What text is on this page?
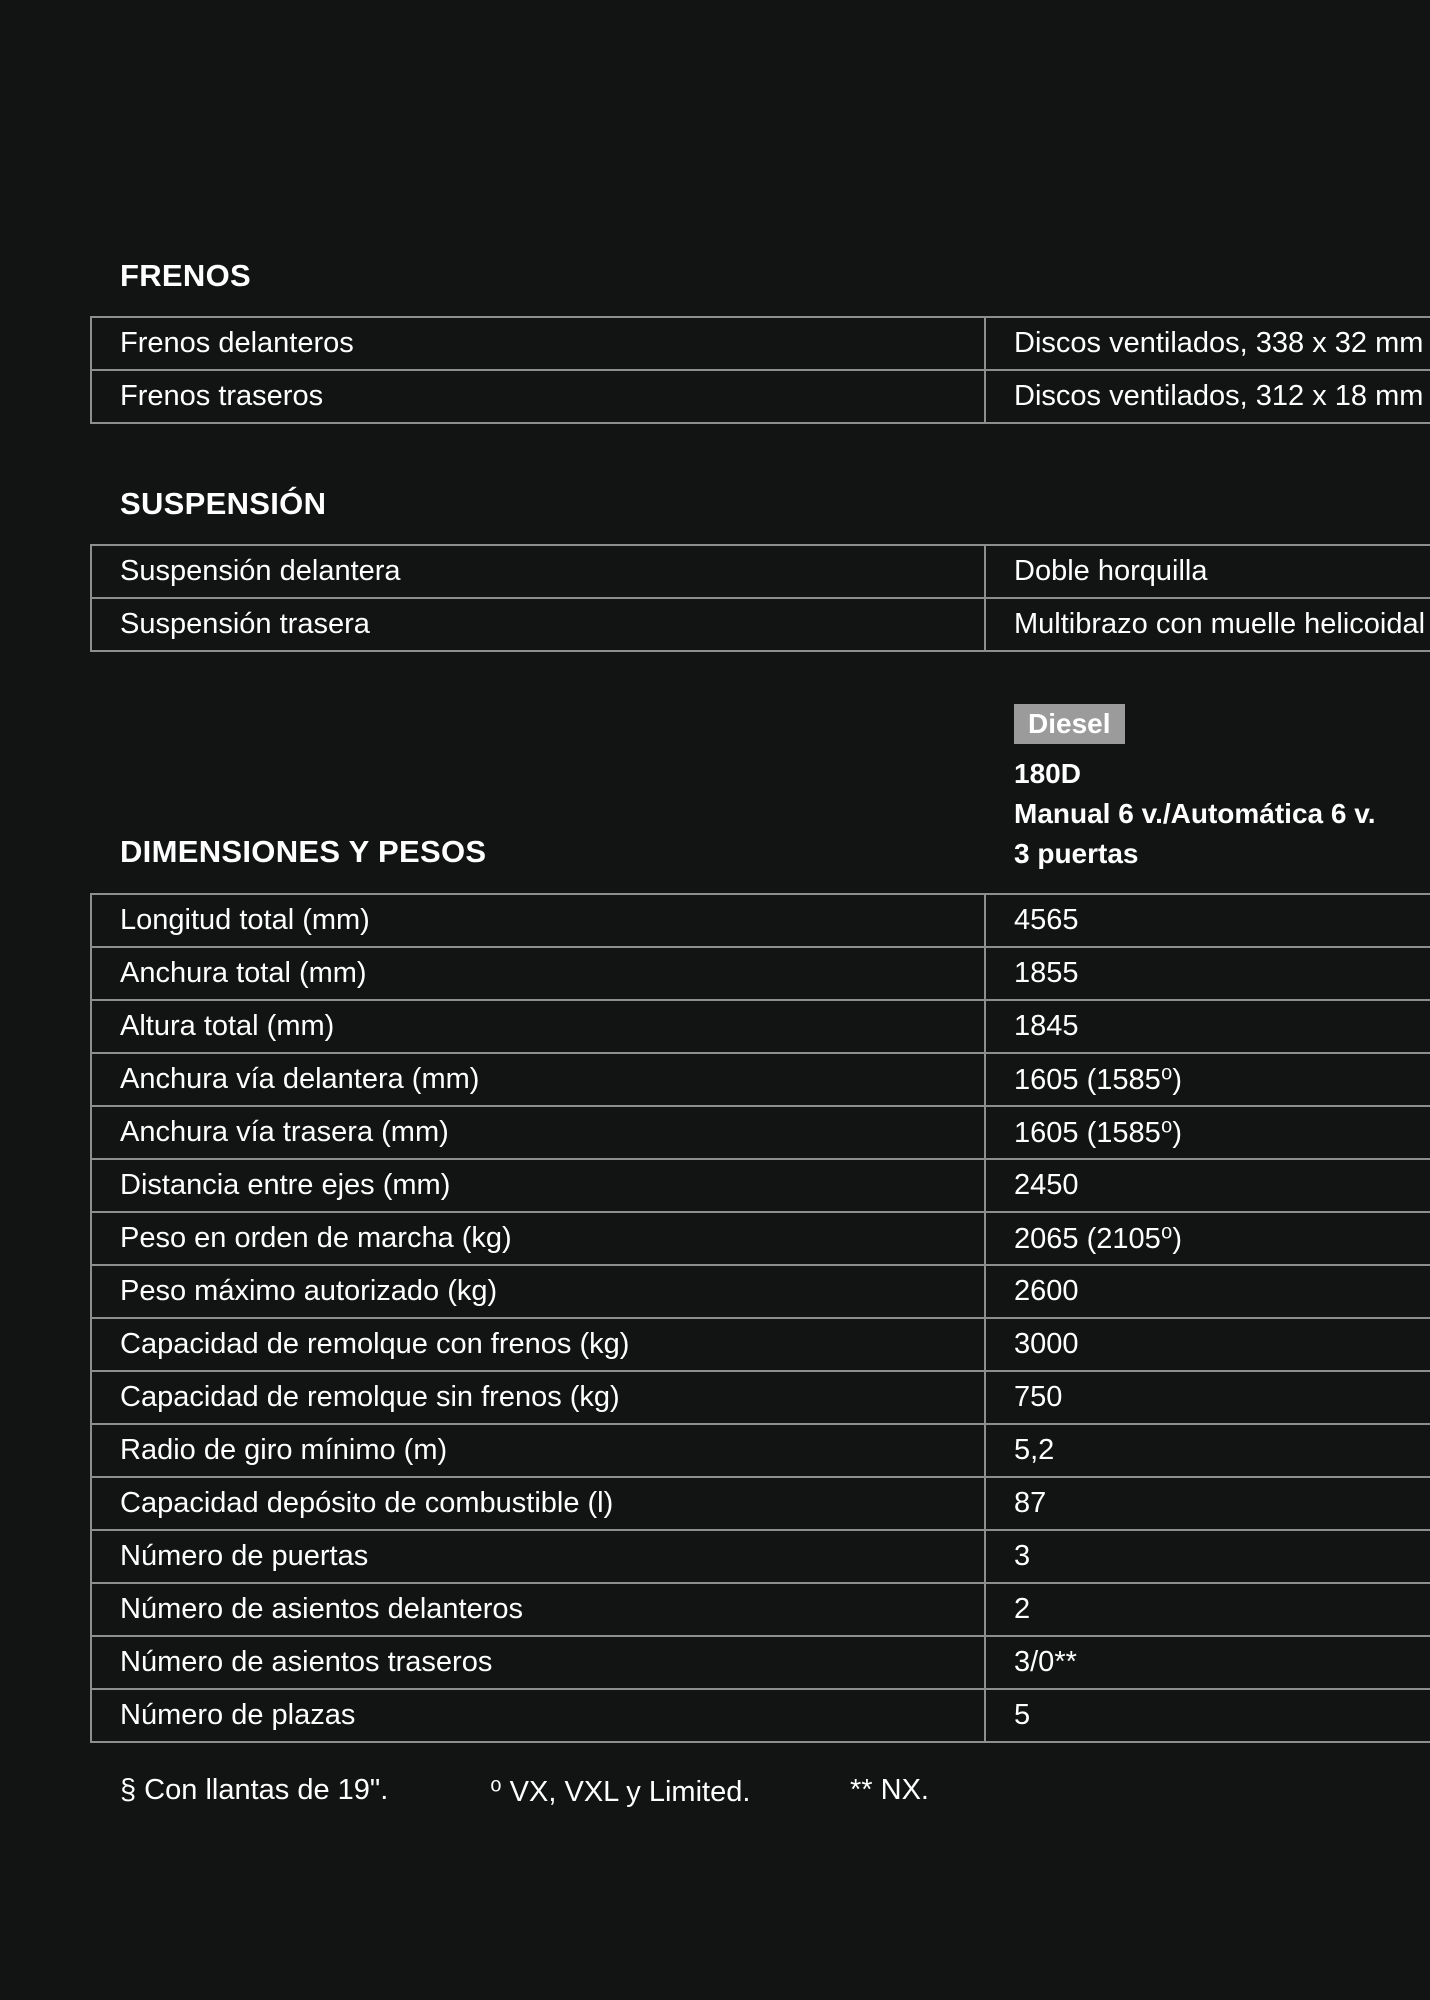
FRENOS
Frenos delanteros	Discos ventilados, 338 x 32 mm
Frenos traseros	Discos ventilados, 312 x 18 mm
SUSPENSIÓN
Suspensión delantera	Doble horquilla
Suspensión trasera	Multibrazo con muelle helicoidal
Diesel
180D
Manual 6 v./Automática 6 v.
3 puertas
DIMENSIONES Y PESOS
Longitud total (mm)	4565
Anchura total (mm)	1855
Altura total (mm)	1845
Anchura vía delantera (mm)	1605 (1585⁰)
Anchura vía trasera (mm)	1605 (1585⁰)
Distancia entre ejes (mm)	2450
Peso en orden de marcha (kg)	2065 (2105⁰)
Peso máximo autorizado (kg)	2600
Capacidad de remolque con frenos (kg)	3000
Capacidad de remolque sin frenos (kg)	750
Radio de giro mínimo (m)	5,2
Capacidad depósito de combustible (l)	87
Número de puertas	3
Número de asientos delanteros	2
Número de asientos traseros	3/0**
Número de plazas	5
§ Con llantas de 19".	⁰ VX, VXL y Limited.	** NX.
